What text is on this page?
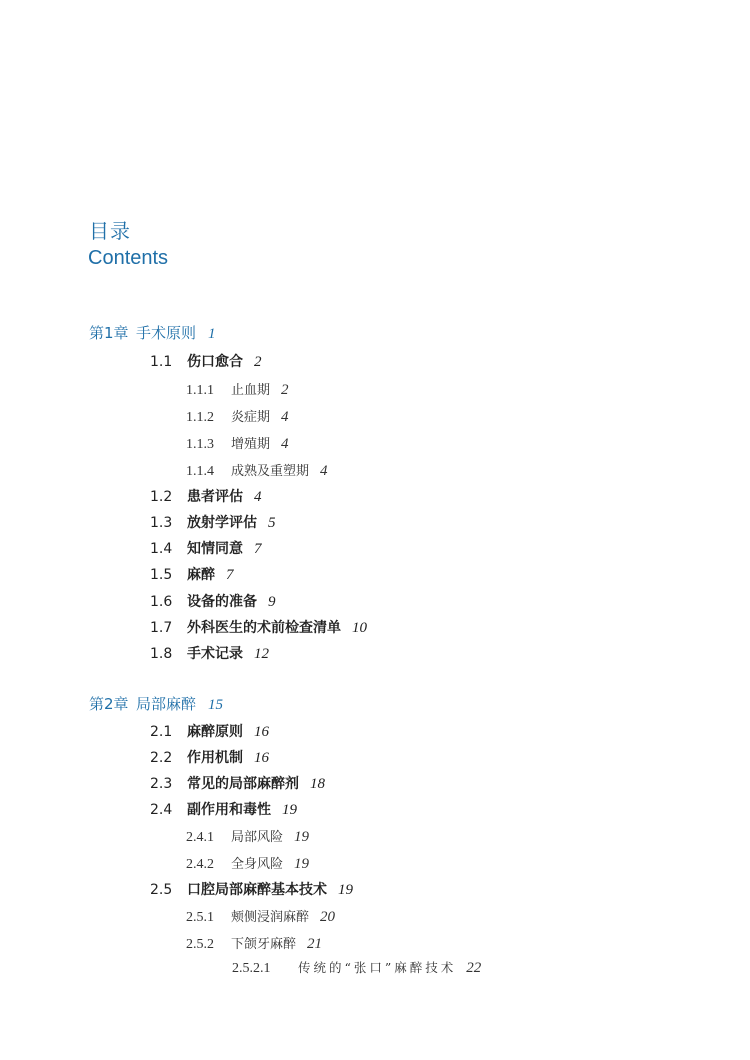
目录
Contents
第1章 手术原则 1
1.1 伤口愈合 2
1.1.1 止血期 2
1.1.2 炎症期 4
1.1.3 增殖期 4
1.1.4 成熟及重塑期 4
1.2 患者评估 4
1.3 放射学评估 5
1.4 知情同意 7
1.5 麻醉 7
1.6 设备的准备 9
1.7 外科医生的术前检查清单 10
1.8 手术记录 12
第2章 局部麻醉 15
2.1 麻醉原则 16
2.2 作用机制 16
2.3 常见的局部麻醉剂 18
2.4 副作用和毒性 19
2.4.1 局部风险 19
2.4.2 全身风险 19
2.5 口腔局部麻醉基本技术 19
2.5.1 颊侧浸润麻醉 20
2.5.2 下颌牙麻醉 21
2.5.2.1 传统的“张口”麻醉技术 22
